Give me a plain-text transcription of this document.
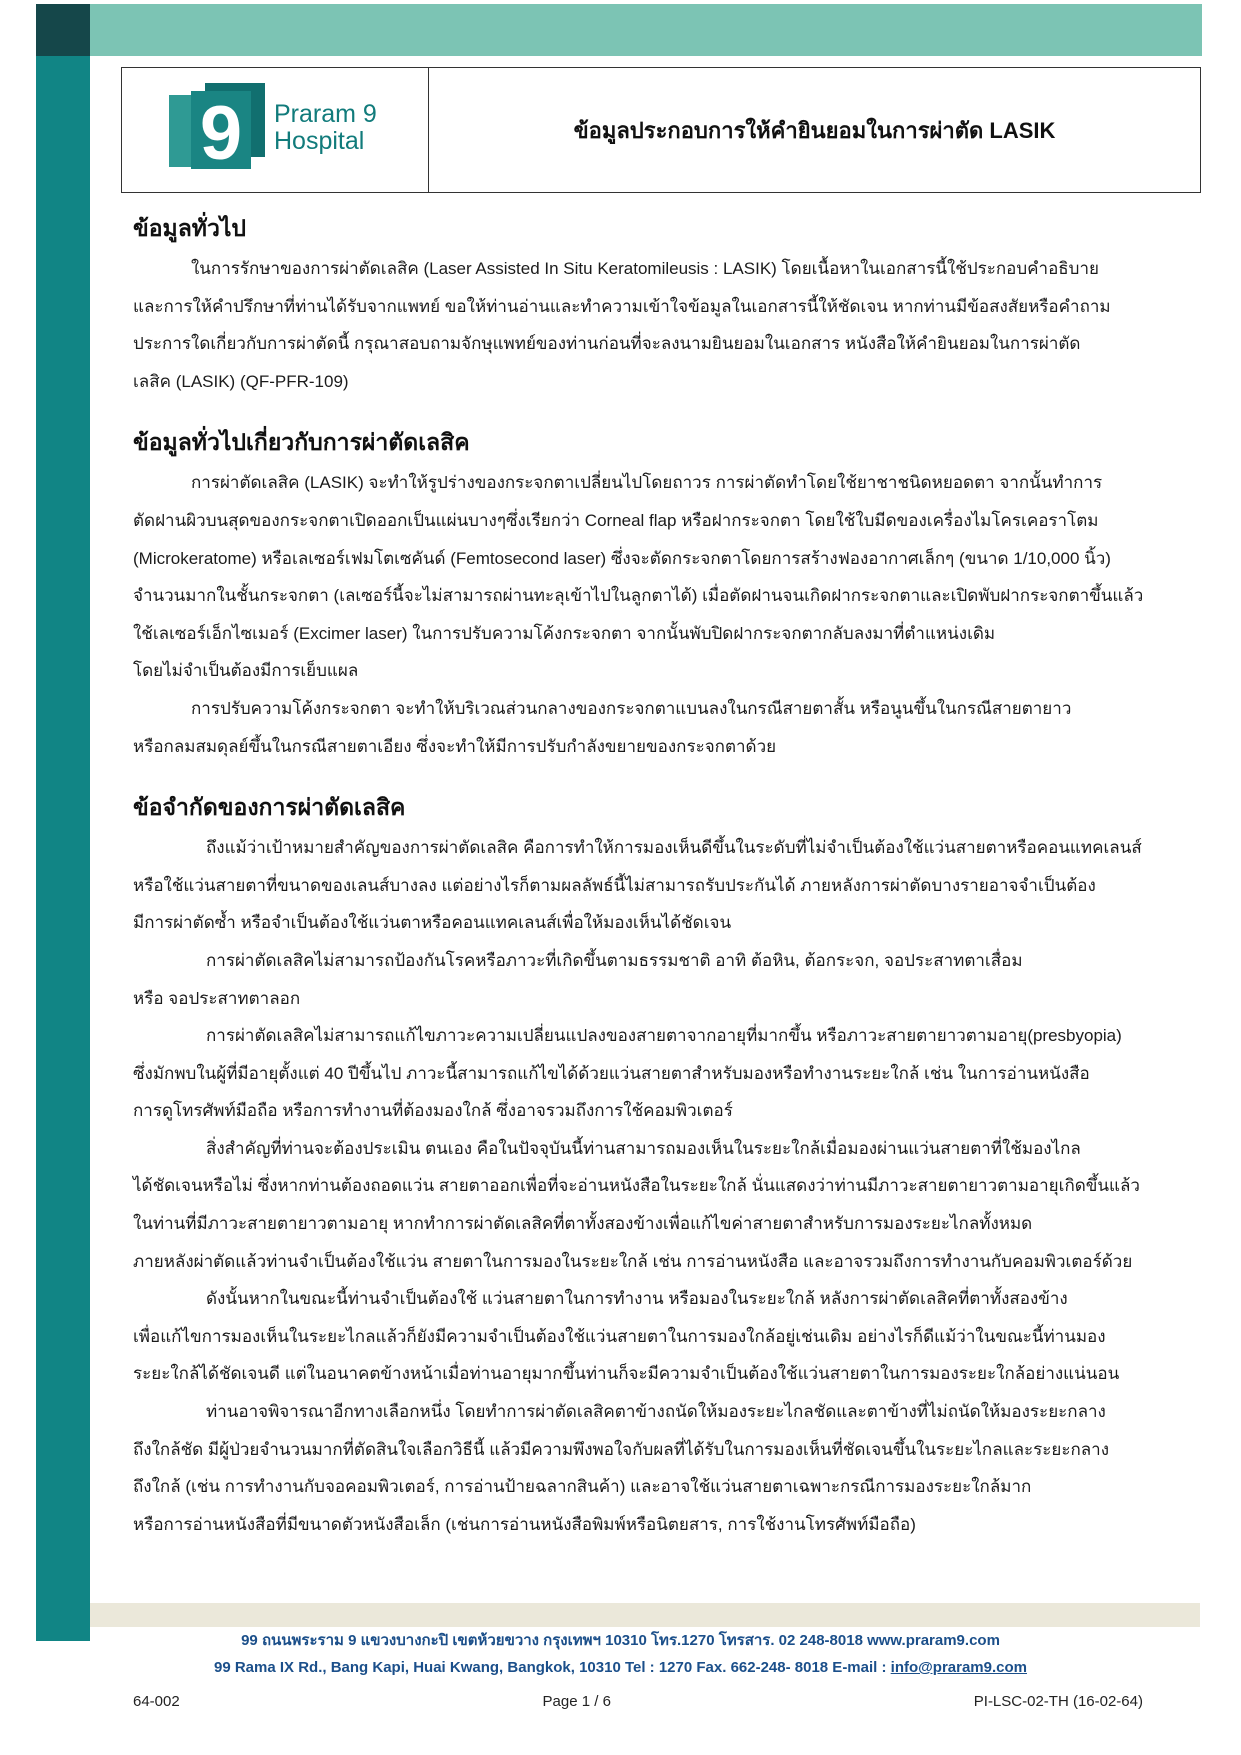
9 Praram 9
Hospital	ข้อมูลประกอบการให้คำยินยอมในการผ่าตัด LASIK
ข้อมูลทั่วไป

ในการรักษาของการผ่าตัดเลสิค (Laser Assisted In Situ Keratomileusis : LASIK) โดยเนื้อหาในเอกสารนี้ใช้ประกอบคำอธิบาย

และการให้คำปรึกษาที่ท่านได้รับจากแพทย์ ขอให้ท่านอ่านและทำความเข้าใจข้อมูลในเอกสารนี้ให้ชัดเจน หากท่านมีข้อสงสัยหรือคำถาม

ประการใดเกี่ยวกับการผ่าตัดนี้ กรุณาสอบถามจักษุแพทย์ของท่านก่อนที่จะลงนามยินยอมในเอกสาร หนังสือให้คำยินยอมในการผ่าตัด

เลสิค (LASIK) (QF-PFR-109)

ข้อมูลทั่วไปเกี่ยวกับการผ่าตัดเลสิค

การผ่าตัดเลสิค (LASIK) จะทำให้รูปร่างของกระจกตาเปลี่ยนไปโดยถาวร การผ่าตัดทำโดยใช้ยาชาชนิดหยอดตา จากนั้นทำการ

ตัดฝานผิวบนสุดของกระจกตาเปิดออกเป็นแผ่นบางๆซึ่งเรียกว่า Corneal flap หรือฝากระจกตา โดยใช้ใบมีดของเครื่องไมโครเคอราโตม

(Microkeratome) หรือเลเซอร์เฟมโตเซคันด์ (Femtosecond laser) ซึ่งจะตัดกระจกตาโดยการสร้างฟองอากาศเล็กๆ (ขนาด 1/10,000 นิ้ว)

จำนวนมากในชั้นกระจกตา (เลเซอร์นี้จะไม่สามารถผ่านทะลุเข้าไปในลูกตาได้) เมื่อตัดฝานจนเกิดฝากระจกตาและเปิดพับฝากระจกตาขึ้นแล้ว

ใช้เลเซอร์เอ็กไซเมอร์ (Excimer laser) ในการปรับความโค้งกระจกตา จากนั้นพับปิดฝากระจกตากลับลงมาที่ตำแหน่งเดิม

โดยไม่จำเป็นต้องมีการเย็บแผล

การปรับความโค้งกระจกตา จะทำให้บริเวณส่วนกลางของกระจกตาแบนลงในกรณีสายตาสั้น หรือนูนขึ้นในกรณีสายตายาว

หรือกลมสมดุลย์ขึ้นในกรณีสายตาเอียง ซึ่งจะทำให้มีการปรับกำลังขยายของกระจกตาด้วย

ข้อจำกัดของการผ่าตัดเลสิค

ถึงแม้ว่าเป้าหมายสำคัญของการผ่าตัดเลสิค คือการทำให้การมองเห็นดีขึ้นในระดับที่ไม่จำเป็นต้องใช้แว่นสายตาหรือคอนแทคเลนส์

หรือใช้แว่นสายตาที่ขนาดของเลนส์บางลง แต่อย่างไรก็ตามผลลัพธ์นี้ไม่สามารถรับประกันได้ ภายหลังการผ่าตัดบางรายอาจจำเป็นต้อง

มีการผ่าตัดซ้ำ หรือจำเป็นต้องใช้แว่นตาหรือคอนแทคเลนส์เพื่อให้มองเห็นได้ชัดเจน

การผ่าตัดเลสิคไม่สามารถป้องกันโรคหรือภาวะที่เกิดขึ้นตามธรรมชาติ อาทิ ต้อหิน, ต้อกระจก, จอประสาทตาเสื่อม

หรือ จอประสาทตาลอก

การผ่าตัดเลสิคไม่สามารถแก้ไขภาวะความเปลี่ยนแปลงของสายตาจากอายุที่มากขึ้น หรือภาวะสายตายาวตามอายุ(presbyopia)

ซึ่งมักพบในผู้ที่มีอายุตั้งแต่ 40 ปีขึ้นไป ภาวะนี้สามารถแก้ไขได้ด้วยแว่นสายตาสำหรับมองหรือทำงานระยะใกล้ เช่น ในการอ่านหนังสือ

การดูโทรศัพท์มือถือ หรือการทำงานที่ต้องมองใกล้ ซึ่งอาจรวมถึงการใช้คอมพิวเตอร์

สิ่งสำคัญที่ท่านจะต้องประเมิน ตนเอง คือในปัจจุบันนี้ท่านสามารถมองเห็นในระยะใกล้เมื่อมองผ่านแว่นสายตาที่ใช้มองไกล

ได้ชัดเจนหรือไม่ ซึ่งหากท่านต้องถอดแว่น สายตาออกเพื่อที่จะอ่านหนังสือในระยะใกล้ นั่นแสดงว่าท่านมีภาวะสายตายาวตามอายุเกิดขึ้นแล้ว

ในท่านที่มีภาวะสายตายาวตามอายุ หากทำการผ่าตัดเลสิคที่ตาทั้งสองข้างเพื่อแก้ไขค่าสายตาสำหรับการมองระยะไกลทั้งหมด

ภายหลังผ่าตัดแล้วท่านจำเป็นต้องใช้แว่น สายตาในการมองในระยะใกล้ เช่น การอ่านหนังสือ และอาจรวมถึงการทำงานกับคอมพิวเตอร์ด้วย

ดังนั้นหากในขณะนี้ท่านจำเป็นต้องใช้ แว่นสายตาในการทำงาน หรือมองในระยะใกล้ หลังการผ่าตัดเลสิคที่ตาทั้งสองข้าง

เพื่อแก้ไขการมองเห็นในระยะไกลแล้วก็ยังมีความจำเป็นต้องใช้แว่นสายตาในการมองใกล้อยู่เช่นเดิม อย่างไรก็ดีแม้ว่าในขณะนี้ท่านมอง

ระยะใกล้ได้ชัดเจนดี แต่ในอนาคตข้างหน้าเมื่อท่านอายุมากขึ้นท่านก็จะมีความจำเป็นต้องใช้แว่นสายตาในการมองระยะใกล้อย่างแน่นอน

ท่านอาจพิจารณาอีกทางเลือกหนึ่ง โดยทำการผ่าตัดเลสิคตาข้างถนัดให้มองระยะไกลชัดและตาข้างที่ไม่ถนัดให้มองระยะกลาง

ถึงใกล้ชัด มีผู้ป่วยจำนวนมากที่ตัดสินใจเลือกวิธีนี้ แล้วมีความพึงพอใจกับผลที่ได้รับในการมองเห็นที่ชัดเจนขึ้นในระยะไกลและระยะกลาง

ถึงใกล้ (เช่น การทำงานกับจอคอมพิวเตอร์, การอ่านป้ายฉลากสินค้า) และอาจใช้แว่นสายตาเฉพาะกรณีการมองระยะใกล้มาก

หรือการอ่านหนังสือที่มีขนาดตัวหนังสือเล็ก (เช่นการอ่านหนังสือพิมพ์หรือนิตยสาร, การใช้งานโทรศัพท์มือถือ)

99 ถนนพระราม 9 แขวงบางกะปิ เขตห้วยขวาง กรุงเทพฯ 10310 โทร.1270 โทรสาร. 02 248-8018 www.praram9.com
99 Rama IX Rd., Bang Kapi, Huai Kwang, Bangkok, 10310 Tel : 1270 Fax. 662-248- 8018 E-mail : info@praram9.com
64-002	Page 1 / 6	PI-LSC-02-TH (16-02-64)
